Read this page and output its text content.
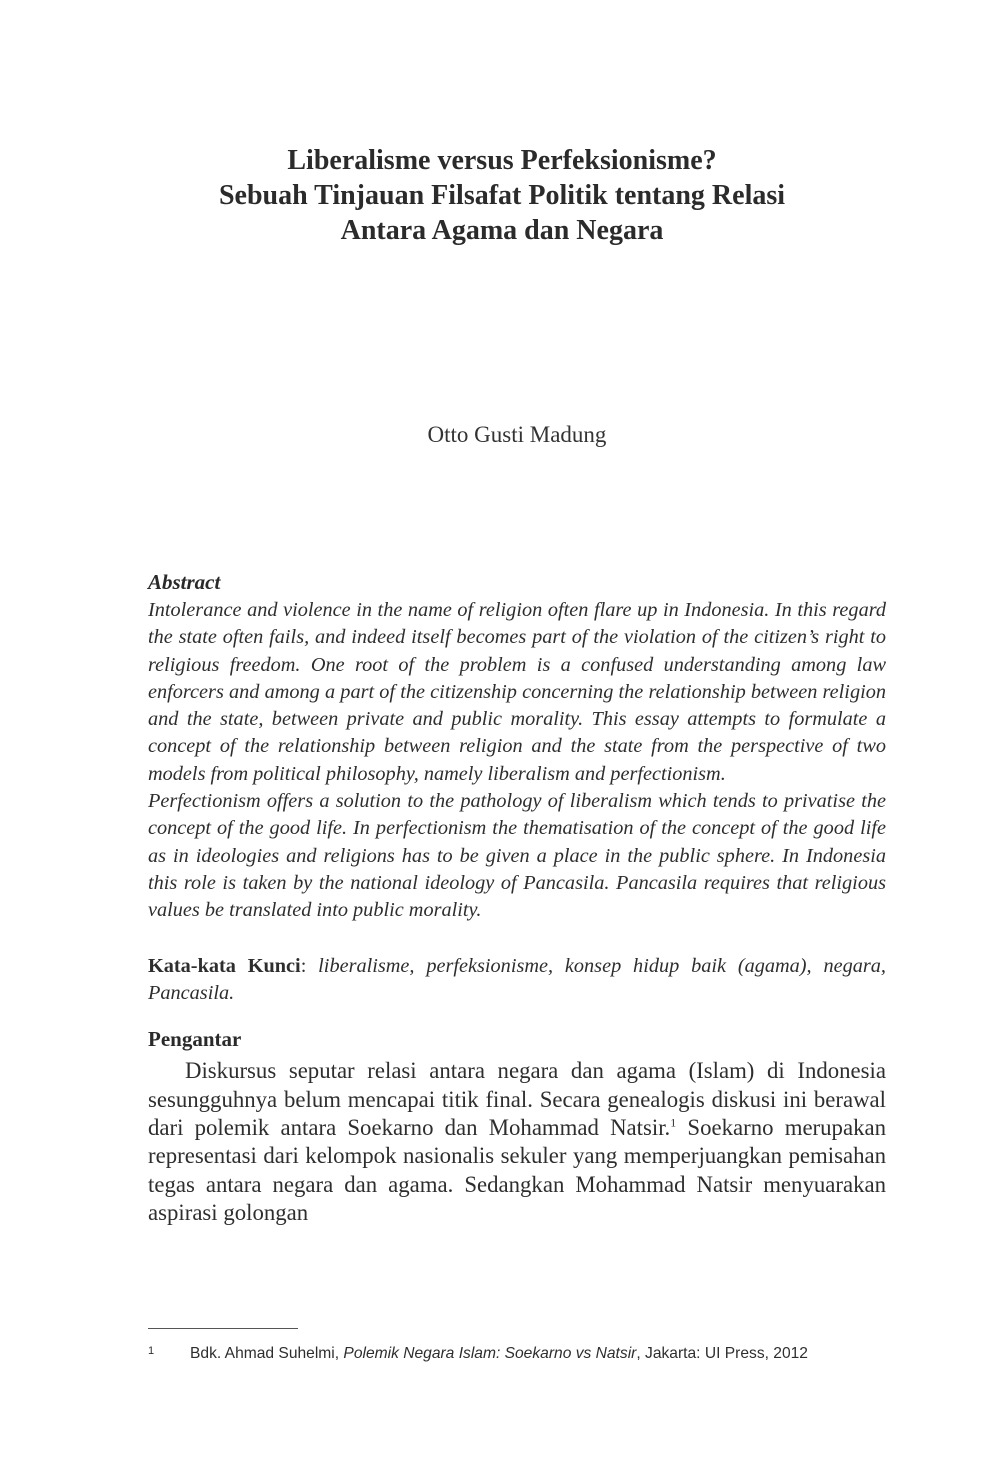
Liberalisme versus Perfeksionisme?
Sebuah Tinjauan Filsafat Politik tentang Relasi
Antara Agama dan Negara
Otto Gusti Madung
Abstract

Intolerance and violence in the name of religion often flare up in Indonesia. In this regard the state often fails, and indeed itself becomes part of the violation of the citizen’s right to religious freedom. One root of the problem is a confused understanding among law enforcers and among a part of the citizenship concerning the relationship between religion and the state, between private and public morality. This essay attempts to formulate a concept of the relationship between religion and the state from the perspective of two models from political philosophy, namely liberalism and perfectionism.

Perfectionism offers a solution to the pathology of liberalism which tends to privatise the concept of the good life. In perfectionism the thematisation of the concept of the good life as in ideologies and religions has to be given a place in the public sphere. In Indonesia this role is taken by the national ideology of Pancasila. Pancasila requires that religious values be translated into public morality.

Kata-kata Kunci: liberalisme, perfeksionisme, konsep hidup baik (agama), negara, Pancasila.
Pengantar

Diskursus seputar relasi antara negara dan agama (Islam) di Indonesia sesungguhnya belum mencapai titik final. Secara genealogis diskusi ini berawal dari polemik antara Soekarno dan Mohammad Natsir.$^1$ Soekarno merupakan representasi dari kelompok nasionalis sekuler yang memperjuangkan pemisahan tegas antara negara dan agama. Sedangkan Mohammad Natsir menyuarakan aspirasi golongan

1 Bdk. Ahmad Suhelmi, Polemik Negara Islam: Soekarno vs Natsir, Jakarta: UI Press, 2012
